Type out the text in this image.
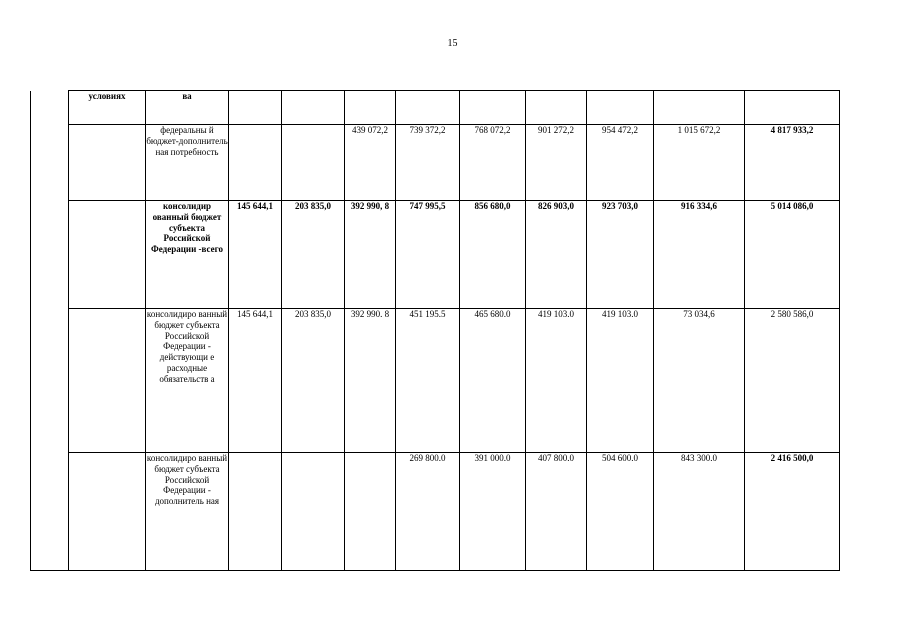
15
	условиях	ва									
		федеральны й бюджет-дополнитель ная потребность			439 072,2	739 372,2	768 072,2	901 272,2	954 472,2	1 015 672,2	4 817 933,2
		консолидир ованный бюджет субъекта Российской Федерации -всего	145 644,1	203 835,0	392 990, 8	747 995,5	856 680,0	826 903,0	923 703,0	916 334,6	5 014 086,0
		консолидиро ванный бюджет субъекта Российской Федерации - действующи е расходные обязательств а	145 644,1	203 835,0	392 990. 8	451 195.5	465 680.0	419 103.0	419 103.0	73 034,6	2 580 586,0
		консолидиро ванный бюджет субъекта Российской Федерации - дополнитель ная				269 800.0	391 000.0	407 800.0	504 600.0	843 300.0	2 416 500,0
